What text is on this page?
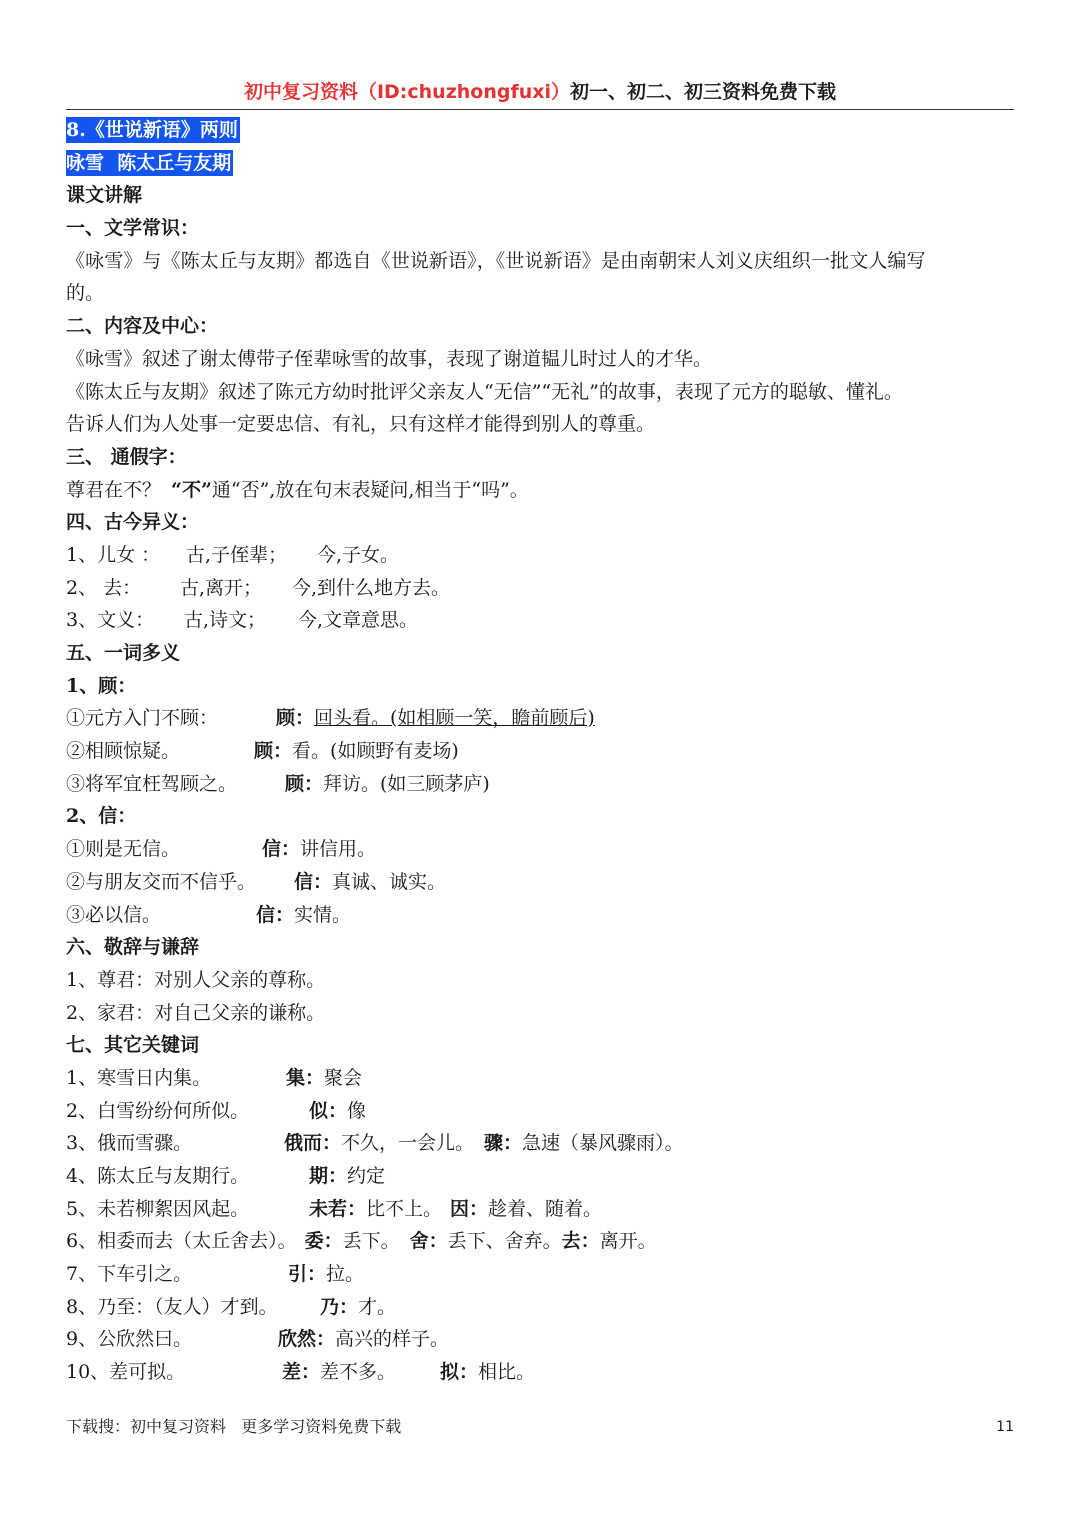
初中复习资料（ID:chuzhongfuxi）初一、初二、初三资料免费下载
8.《世说新语》两则
咏雪  陈太丘与友期
课文讲解
一、文学常识：
《咏雪》与《陈太丘与友期》都选自《世说新语》，《世说新语》是由南朝宋人刘义庆组织一批文人编写
的。
二、内容及中心：
《咏雪》叙述了谢太傅带子侄辈咏雪的故事，表现了谢道韫儿时过人的才华。
《陈太丘与友期》叙述了陈元方幼时批评父亲友人“无信”“无礼”的故事，表现了元方的聪敏、懂礼。
告诉人们为人处事一定要忠信、有礼，只有这样才能得到别人的尊重。
三、 通假字：
尊君在不？ “不”通“否”,放在句末表疑问,相当于“吗”。
四、古今异义：
1、儿女 ： 古,子侄辈； 今,子女。
2、 去： 古,离开； 今,到什么地方去。
3、文义： 古,诗文； 今,文章意思。
五、一词多义
1、顾：
①元方入门不顾：	顾：回头看。(如相顾一笑，瞻前顾后)
②相顾惊疑。	顾：看。(如顾野有麦场)
③将军宜枉驾顾之。	顾：拜访。(如三顾茅庐)
2、信：
①则是无信。	信：讲信用。
②与朋友交而不信乎。 信：真诚、诚实。
③必以信。	信：实情。
六、敬辞与谦辞
1、尊君：对别人父亲的尊称。
2、家君：对自己父亲的谦称。
七、其它关键词
1、寒雪日内集。	集：聚会
2、白雪纷纷何所似。	似：像
3、俄而雪骤。	俄而：不久，一会儿。 骤：急速（暴风骤雨）。
4、陈太丘与友期行。	期：约定
5、未若柳絮因风起。	未若：比不上。 因：趁着、随着。
6、相委而去（太丘舍去）。 委：丢下。 舍：丢下、舍弃。去：离开。
7、下车引之。	引：拉。
8、乃至：（友人）才到。 乃：才。
9、公欣然曰。	欣然：高兴的样子。
10、差可拟。	差：差不多。 拟：相比。
下载搜：初中复习资料   更多学习资料免费下载	11
